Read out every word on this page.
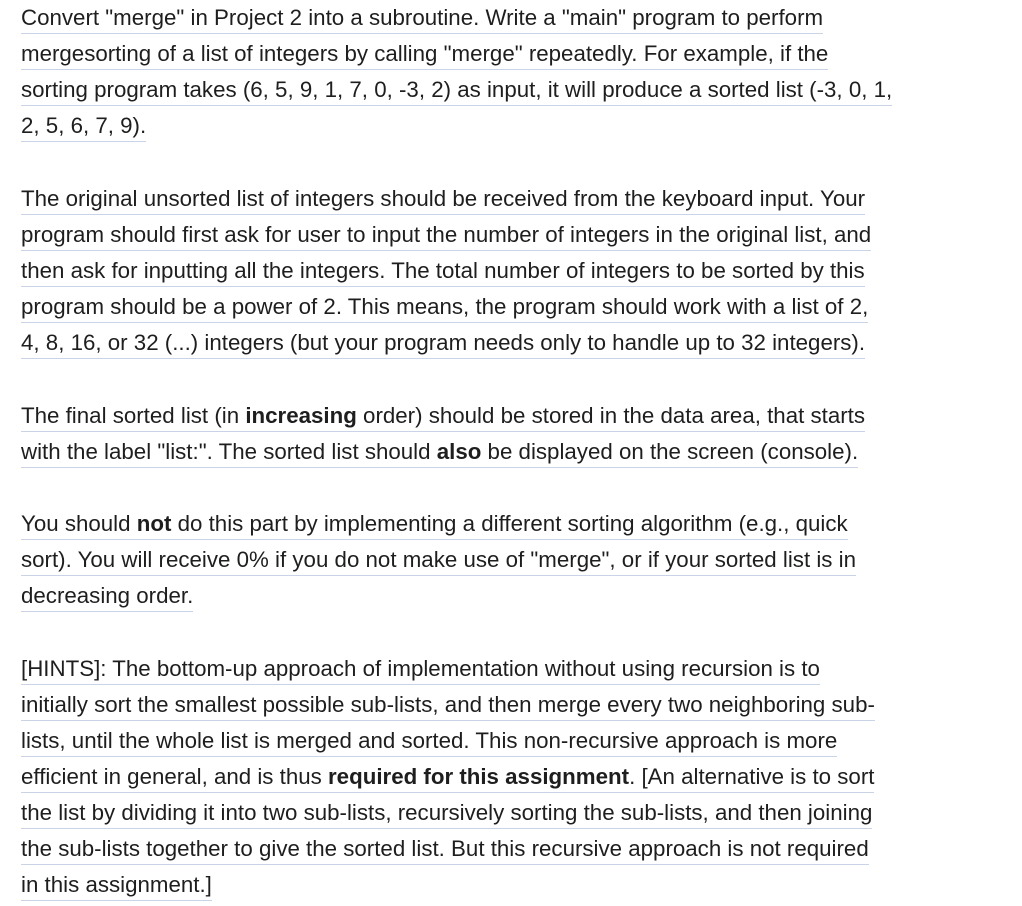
Convert "merge" in Project 2 into a subroutine. Write a "main" program to perform
mergesorting of a list of integers by calling "merge" repeatedly. For example, if the
sorting program takes (6, 5, 9, 1, 7, 0, -3, 2) as input, it will produce a sorted list (-3, 0, 1,
2, 5, 6, 7, 9).
The original unsorted list of integers should be received from the keyboard input. Your
program should first ask for user to input the number of integers in the original list, and
then ask for inputting all the integers. The total number of integers to be sorted by this
program should be a power of 2. This means, the program should work with a list of 2,
4, 8, 16, or 32 (...) integers (but your program needs only to handle up to 32 integers).
The final sorted list (in increasing order) should be stored in the data area, that starts
with the label "list:". The sorted list should also be displayed on the screen (console).
You should not do this part by implementing a different sorting algorithm (e.g., quick
sort). You will receive 0% if you do not make use of "merge", or if your sorted list is in
decreasing order.
[HINTS]: The bottom-up approach of implementation without using recursion is to
initially sort the smallest possible sub-lists, and then merge every two neighboring sub-
lists, until the whole list is merged and sorted. This non-recursive approach is more
efficient in general, and is thus required for this assignment. [An alternative is to sort
the list by dividing it into two sub-lists, recursively sorting the sub-lists, and then joining
the sub-lists together to give the sorted list. But this recursive approach is not required
in this assignment.]
